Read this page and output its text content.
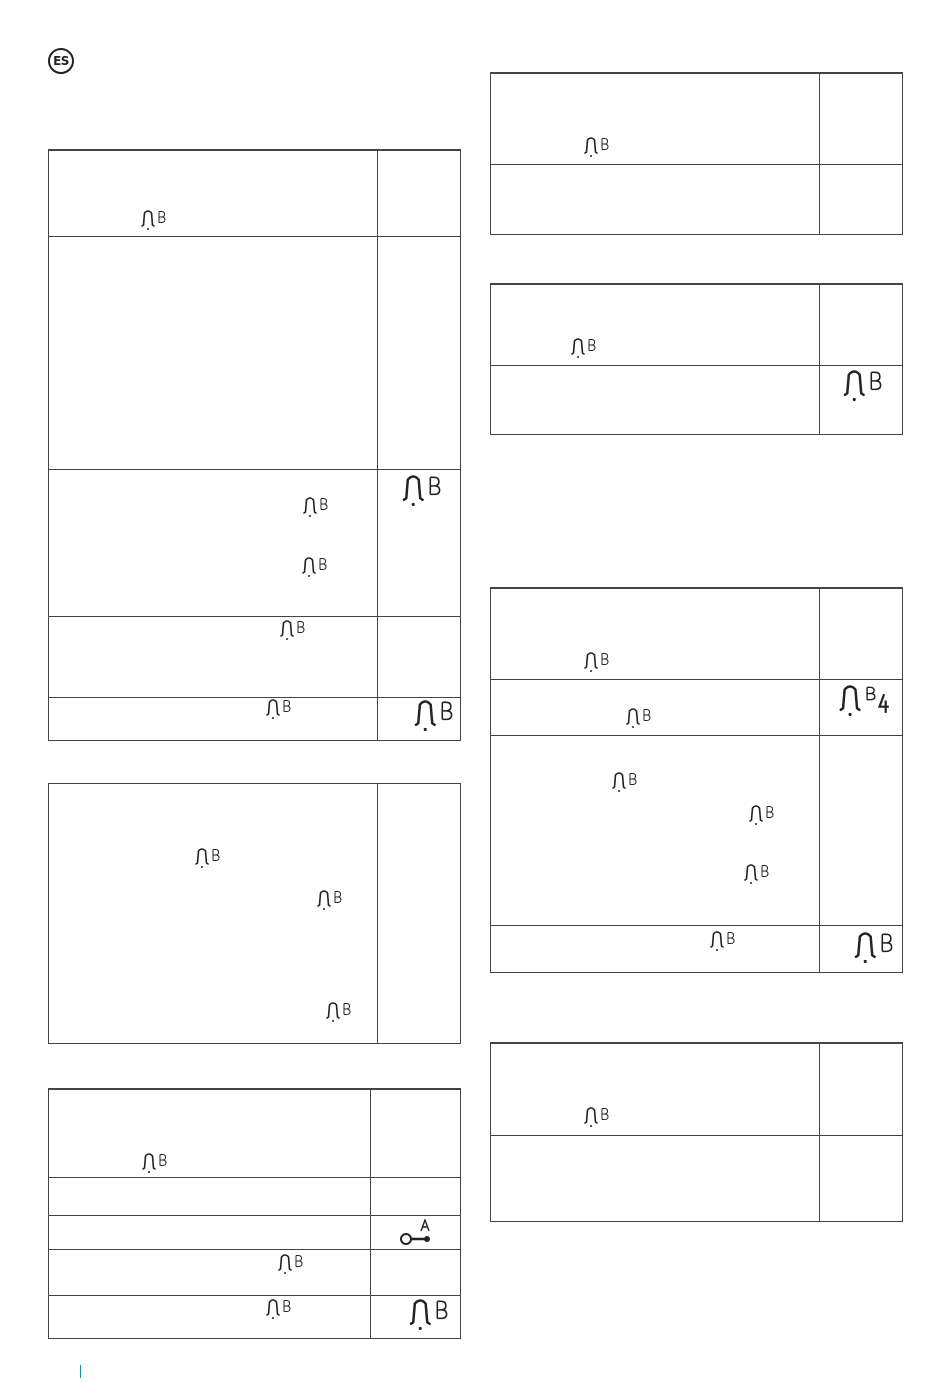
ES
